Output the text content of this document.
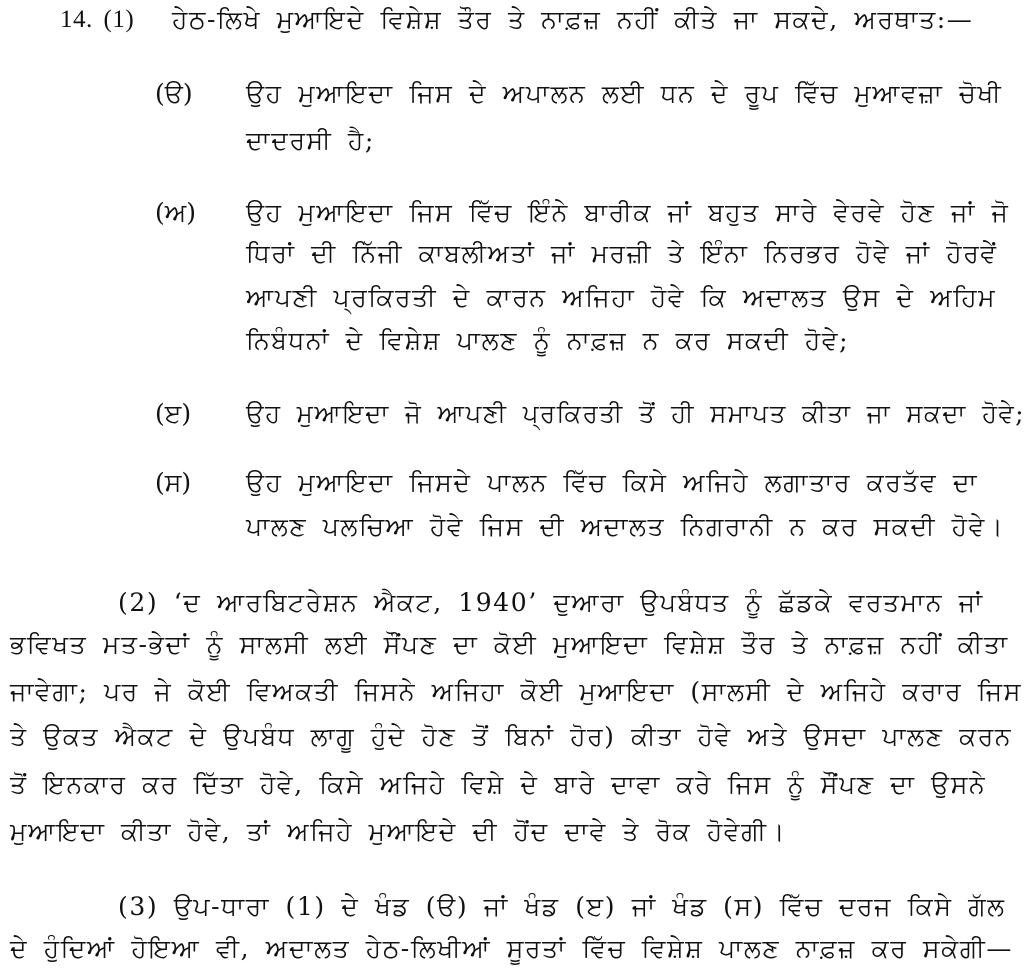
14. (1) ਹੇਠ-ਲਿਖੇ ਮੁਆਇਦੇ ਵਿਸ਼ੇਸ਼ ਤੌਰ ਤੇ ਨਾਫ਼ਜ਼ ਨਹੀਂ ਕੀਤੇ ਜਾ ਸਕਦੇ, ਅਰਥਾਤ:—
(ੳ) ਉਹ ਮੁਆਇਦਾ ਜਿਸ ਦੇ ਅਪਾਲਨ ਲਈ ਧਨ ਦੇ ਰੂਪ ਵਿੱਚ ਮੁਆਵਜ਼ਾ ਚੋਖੀ
ਦਾਦਰਸੀ ਹੈ;
(ਅ) ਉਹ ਮੁਆਇਦਾ ਜਿਸ ਵਿੱਚ ਇੰਨੇ ਬਾਰੀਕ ਜਾਂ ਬਹੁਤ ਸਾਰੇ ਵੇਰਵੇ ਹੋਣ ਜਾਂ ਜੋ
ਧਿਰਾਂ ਦੀ ਨਿੱਜੀ ਕਾਬਲੀਅਤਾਂ ਜਾਂ ਮਰਜ਼ੀ ਤੇ ਇੰਨਾ ਨਿਰਭਰ ਹੋਵੇ ਜਾਂ ਹੋਰਵੇਂ
ਆਪਣੀ ਪ੍ਰਕਿਰਤੀ ਦੇ ਕਾਰਨ ਅਜਿਹਾ ਹੋਵੇ ਕਿ ਅਦਾਲਤ ਉਸ ਦੇ ਅਹਿਮ
ਨਿਬੰਧਨਾਂ ਦੇ ਵਿਸ਼ੇਸ਼ ਪਾਲਣ ਨੂੰ ਨਾਫ਼ਜ਼ ਨ ਕਰ ਸਕਦੀ ਹੋਵੇ;
(ੲ) ਉਹ ਮੁਆਇਦਾ ਜੋ ਆਪਣੀ ਪ੍ਰਕਿਰਤੀ ਤੋਂ ਹੀ ਸਮਾਪਤ ਕੀਤਾ ਜਾ ਸਕਦਾ ਹੋਵੇ;
(ਸ) ਉਹ ਮੁਆਇਦਾ ਜਿਸਦੇ ਪਾਲਨ ਵਿੱਚ ਕਿਸੇ ਅਜਿਹੇ ਲਗਾਤਾਰ ਕਰਤੱਵ ਦਾ
ਪਾਲਣ ਪਲਚਿਆ ਹੋਵੇ ਜਿਸ ਦੀ ਅਦਾਲਤ ਨਿਗਰਾਨੀ ਨ ਕਰ ਸਕਦੀ ਹੋਵੇ।
(2) ‘ਦ ਆਰਬਿਟਰੇਸ਼ਨ ਐਕਟ, 1940’ ਦੁਆਰਾ ਉਪਬੰਧਤ ਨੂੰ ਛੱਡਕੇ ਵਰਤਮਾਨ ਜਾਂ
ਭਵਿਖਤ ਮਤ-ਭੇਦਾਂ ਨੂੰ ਸਾਲਸੀ ਲਈ ਸੌਂਪਣ ਦਾ ਕੋਈ ਮੁਆਇਦਾ ਵਿਸ਼ੇਸ਼ ਤੌਰ ਤੇ ਨਾਫ਼ਜ਼ ਨਹੀਂ ਕੀਤਾ
ਜਾਵੇਗਾ; ਪਰ ਜੇ ਕੋਈ ਵਿਅਕਤੀ ਜਿਸਨੇ ਅਜਿਹਾ ਕੋਈ ਮੁਆਇਦਾ (ਸਾਲਸੀ ਦੇ ਅਜਿਹੇ ਕਰਾਰ ਜਿਸ
ਤੇ ਉਕਤ ਐਕਟ ਦੇ ਉਪਬੰਧ ਲਾਗੂ ਹੁੰਦੇ ਹੋਣ ਤੋਂ ਬਿਨਾਂ ਹੋਰ) ਕੀਤਾ ਹੋਵੇ ਅਤੇ ਉਸਦਾ ਪਾਲਣ ਕਰਨ
ਤੋਂ ਇਨਕਾਰ ਕਰ ਦਿੱਤਾ ਹੋਵੇ, ਕਿਸੇ ਅਜਿਹੇ ਵਿਸ਼ੇ ਦੇ ਬਾਰੇ ਦਾਵਾ ਕਰੇ ਜਿਸ ਨੂੰ ਸੌਂਪਣ ਦਾ ਉਸਨੇ
ਮੁਆਇਦਾ ਕੀਤਾ ਹੋਵੇ, ਤਾਂ ਅਜਿਹੇ ਮੁਆਇਦੇ ਦੀ ਹੋਂਦ ਦਾਵੇ ਤੇ ਰੋਕ ਹੋਵੇਗੀ।
(3) ਉਪ-ਧਾਰਾ (1) ਦੇ ਖੰਡ (ੳ) ਜਾਂ ਖੰਡ (ੲ) ਜਾਂ ਖੰਡ (ਸ) ਵਿੱਚ ਦਰਜ ਕਿਸੇ ਗੱਲ
ਦੇ ਹੁੰਦਿਆਂ ਹੋਇਆ ਵੀ, ਅਦਾਲਤ ਹੇਠ-ਲਿਖੀਆਂ ਸੂਰਤਾਂ ਵਿੱਚ ਵਿਸ਼ੇਸ਼ ਪਾਲਣ ਨਾਫ਼ਜ਼ ਕਰ ਸਕੇਗੀ—
